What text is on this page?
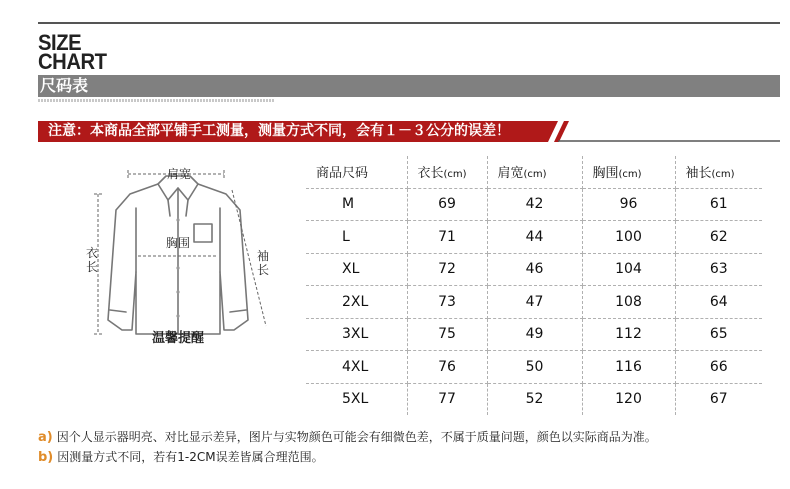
SIZE
CHART
尺码表
注意：本商品全部平铺手工测量，测量方式不同，会有１－３公分的误差！
肩宽
胸围
衣长
袖长
温馨提醒
商品尺码	衣长(cm)	肩宽(cm)	胸围(cm)	袖长(cm)
M	69	42	96	61
L	71	44	100	62
XL	72	46	104	63
2XL	73	47	108	64
3XL	75	49	112	65
4XL	76	50	116	66
5XL	77	52	120	67
a) 因个人显示器明亮、对比显示差异，图片与实物颜色可能会有细微色差，不属于质量问题，颜色以实际商品为准。
b) 因测量方式不同，若有1-2CM误差皆属合理范围。
